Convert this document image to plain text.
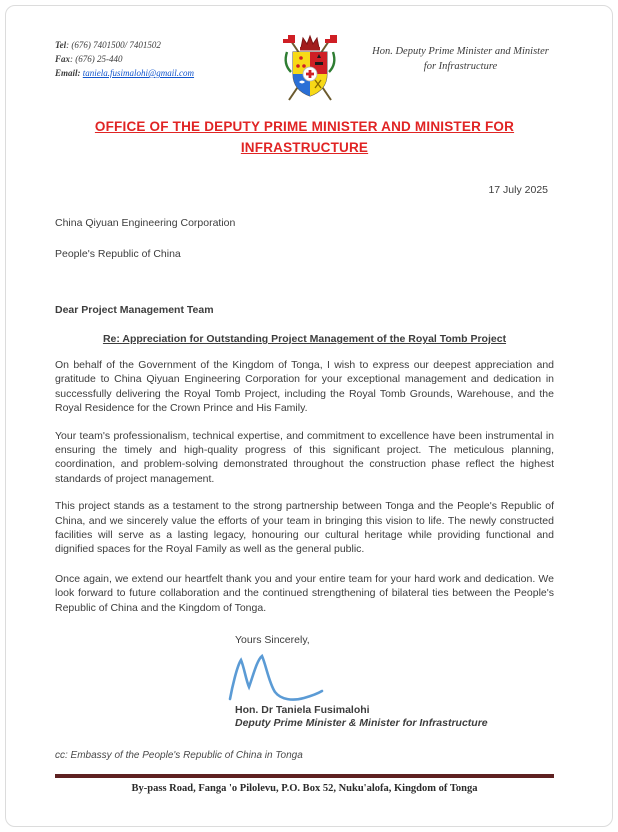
Tel: (676) 7401500/ 7401502
Fax: (676) 25-440
Email: taniela.fusimalohi@gmail.com
Hon. Deputy Prime Minister and Minister for Infrastructure
OFFICE OF THE DEPUTY PRIME MINISTER AND MINISTER FOR INFRASTRUCTURE
17 July 2025
China Qiyuan Engineering Corporation
People's Republic of China
Dear Project Management Team
Re: Appreciation for Outstanding Project Management of the Royal Tomb Project

On behalf of the Government of the Kingdom of Tonga, I wish to express our deepest appreciation and gratitude to China Qiyuan Engineering Corporation for your exceptional management and dedication in successfully delivering the Royal Tomb Project, including the Royal Tomb Grounds, Warehouse, and the Royal Residence for the Crown Prince and His Family.

Your team's professionalism, technical expertise, and commitment to excellence have been instrumental in ensuring the timely and high-quality progress of this significant project. The meticulous planning, coordination, and problem-solving demonstrated throughout the construction phase reflect the highest standards of project management.

This project stands as a testament to the strong partnership between Tonga and the People's Republic of China, and we sincerely value the efforts of your team in bringing this vision to life. The newly constructed facilities will serve as a lasting legacy, honouring our cultural heritage while providing functional and dignified spaces for the Royal Family as well as the general public.

Once again, we extend our heartfelt thank you and your entire team for your hard work and dedication. We look forward to future collaboration and the continued strengthening of bilateral ties between the People's Republic of China and the Kingdom of Tonga.

Yours Sincerely,
Hon. Dr Taniela Fusimalohi
Deputy Prime Minister & Minister for Infrastructure
cc: Embassy of the People's Republic of China in Tonga
By-pass Road, Fanga 'o Pilolevu, P.O. Box 52, Nuku'alofa, Kingdom of Tonga
